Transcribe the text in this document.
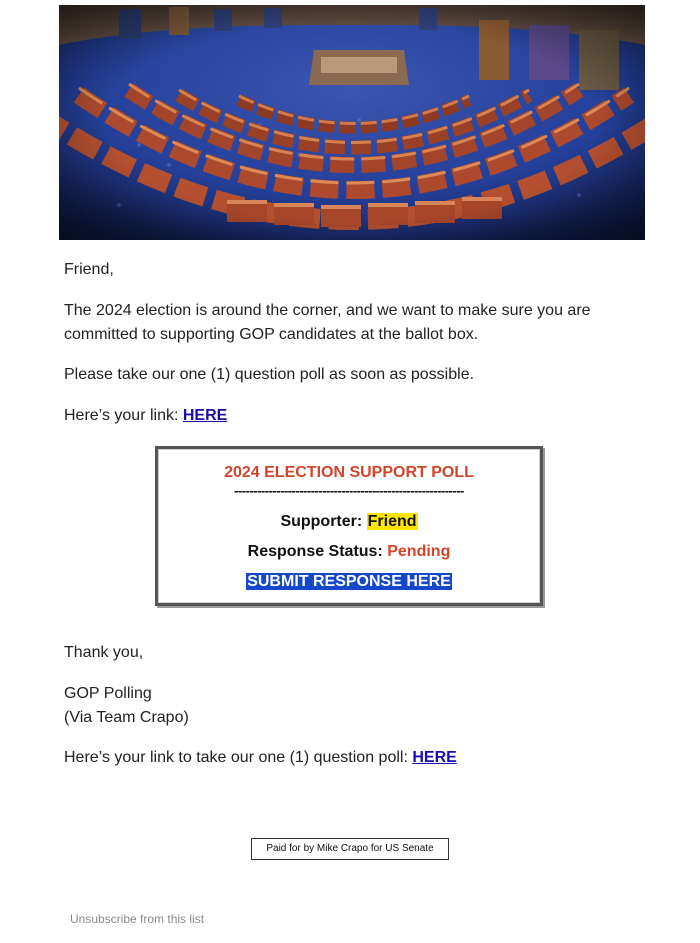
Friend,

The 2024 election is around the corner, and we want to make sure you are

committed to supporting GOP candidates at the ballot box.

Please take our one (1) question poll as soon as possible.

Here’s your link: HERE

2024 ELECTION SUPPORT POLL
------------------------------------------------------------
Supporter: Friend
Response Status: Pending
SUBMIT RESPONSE HERE

Thank you,

GOP Polling

(Via Team Crapo)

Here’s your link to take our one (1) question poll: HERE

Paid for by Mike Crapo for US Senate
Unsubscribe from this list
